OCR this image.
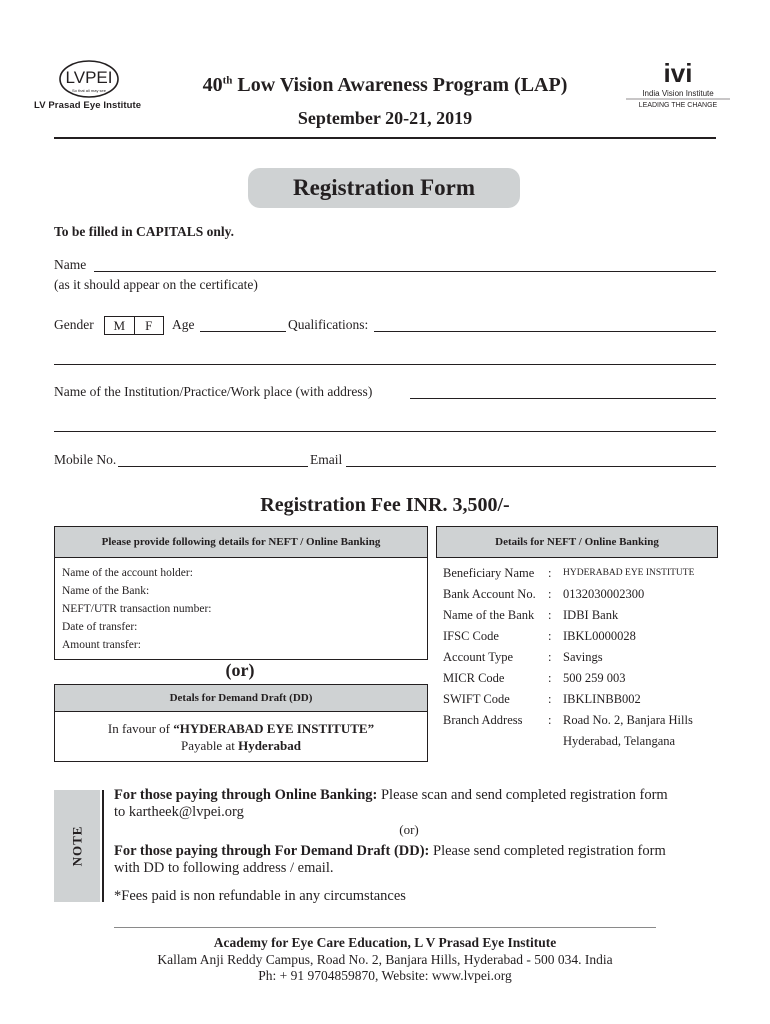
LVPEI
So that all may see
LV Prasad Eye Institute
40th Low Vision Awareness Program (LAP)
September 20-21, 2019
ivi
India Vision Institute
LEADING THE CHANGE
Registration Form
To be filled in CAPITALS only.
Name
(as it should appear on the certificate)
Gender	M	F	Age	Qualifications:
Name of the Institution/Practice/Work place (with address)
Mobile No.	Email
Registration Fee INR. 3,500/-
Please provide following details for NEFT / Online Banking
Name of the account holder:
Name of the Bank:
NEFT/UTR transaction number:
Date of transfer:
Amount transfer:
(or)
Detals for Demand Draft (DD)
In favour of “HYDERABAD EYE INSTITUTE”
Payable at Hyderabad
Details for NEFT / Online Banking
Beneficiary Name : HYDERABAD EYE INSTITUTE
Bank Account No. : 0132030002300
Name of the Bank : IDBI Bank
IFSC Code	: IBKL0000028
Account Type	: Savings
MICR Code	: 500 259 003
SWIFT Code	: IBKLINBB002
Branch Address : Road No. 2, Banjara Hills
Hyderabad, Telangana
NOTE
For those paying through Online Banking: Please scan and send completed registration form
to kartheek@lvpei.org
(or)
For those paying through For Demand Draft (DD): Please send completed registration form
with DD to following address / email.
*Fees paid is non refundable in any circumstances
Academy for Eye Care Education, L V Prasad Eye Institute
Kallam Anji Reddy Campus, Road No. 2, Banjara Hills, Hyderabad - 500 034. India
Ph: + 91 9704859870, Website: www.lvpei.org
